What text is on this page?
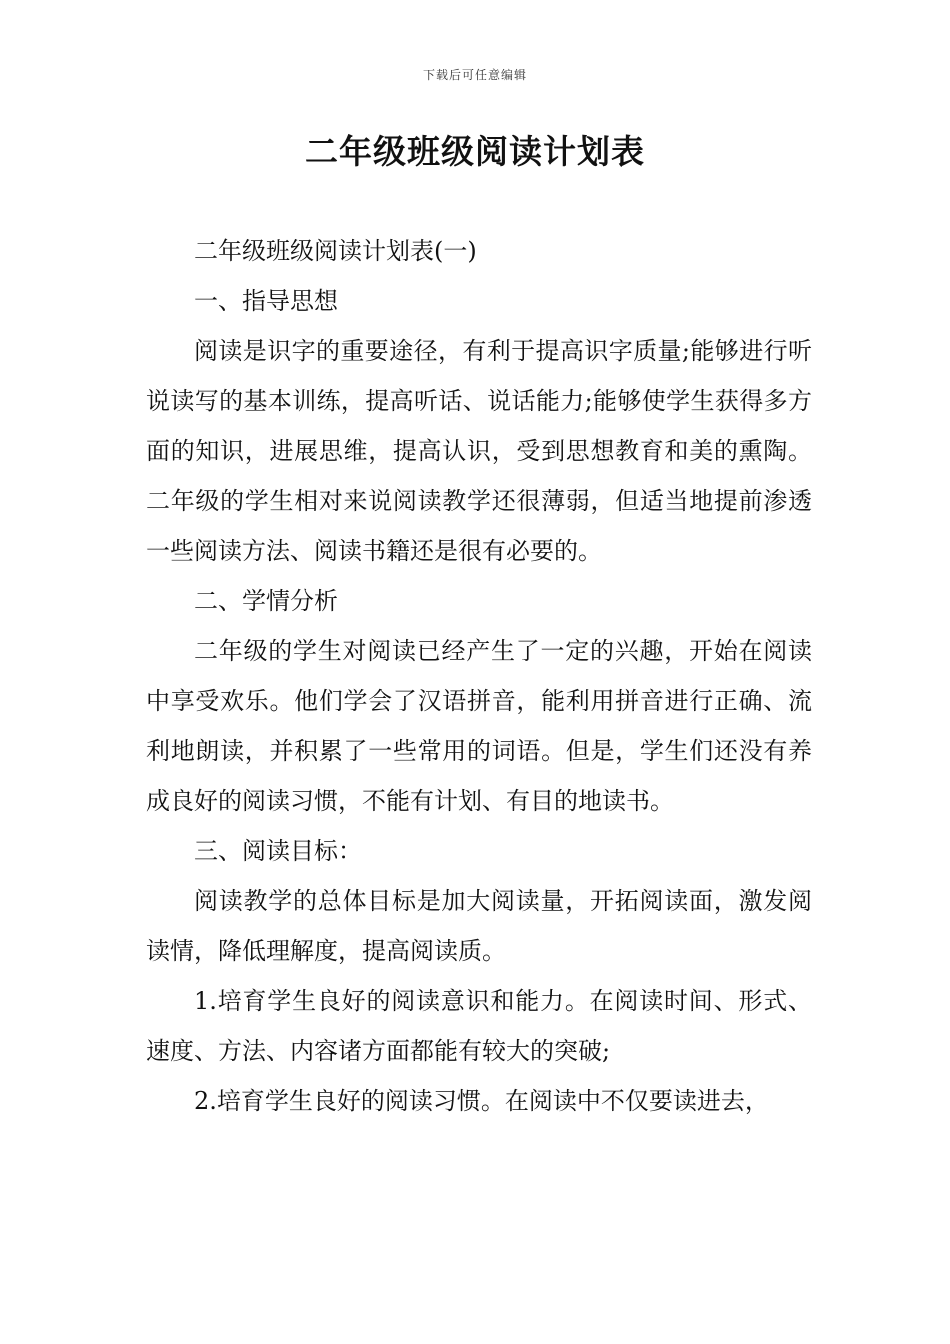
下载后可任意编辑
二年级班级阅读计划表

二年级班级阅读计划表(一)

一、指导思想

阅读是识字的重要途径，有利于提高识字质量;能够进行听说读写的基本训练，提高听话、说话能力;能够使学生获得多方面的知识，进展思维，提高认识，受到思想教育和美的熏陶。二年级的学生相对来说阅读教学还很薄弱，但适当地提前渗透一些阅读方法、阅读书籍还是很有必要的。

二、学情分析

二年级的学生对阅读已经产生了一定的兴趣，开始在阅读中享受欢乐。他们学会了汉语拼音，能利用拼音进行正确、流利地朗读，并积累了一些常用的词语。但是，学生们还没有养成良好的阅读习惯，不能有计划、有目的地读书。

三、阅读目标：

阅读教学的总体目标是加大阅读量，开拓阅读面，激发阅读情，降低理解度，提高阅读质。

1.培育学生良好的阅读意识和能力。在阅读时间、形式、速度、方法、内容诸方面都能有较大的突破;

2.培育学生良好的阅读习惯。在阅读中不仅要读进去，
